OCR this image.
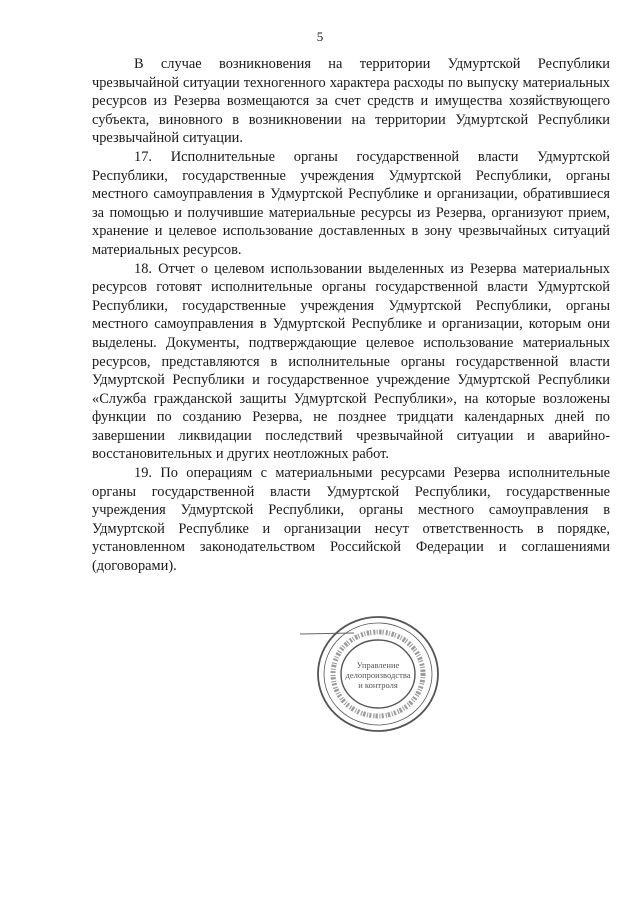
5

В случае возникновения на территории Удмуртской Республики чрезвычайной ситуации техногенного характера расходы по выпуску материальных ресурсов из Резерва возмещаются за счет средств и имущества хозяйствующего субъекта, виновного в возникновении на территории Удмуртской Республики чрезвычайной ситуации.

17. Исполнительные органы государственной власти Удмуртской Республики, государственные учреждения Удмуртской Республики, органы местного самоуправления в Удмуртской Республике и организации, обратившиеся за помощью и получившие материальные ресурсы из Резерва, организуют прием, хранение и целевое использование доставленных в зону чрезвычайных ситуаций материальных ресурсов.

18. Отчет о целевом использовании выделенных из Резерва материальных ресурсов готовят исполнительные органы государственной власти Удмуртской Республики, государственные учреждения Удмуртской Республики, органы местного самоуправления в Удмуртской Республике и организации, которым они выделены. Документы, подтверждающие целевое использование материальных ресурсов, представляются в исполнительные органы государственной власти Удмуртской Республики и государственное учреждение Удмуртской Республики «Служба гражданской защиты Удмуртской Республики», на которые возложены функции по созданию Резерва, не позднее тридцати календарных дней по завершении ликвидации последствий чрезвычайной ситуации и аварийно-восстановительных и других неотложных работ.

19. По операциям с материальными ресурсами Резерва исполнительные органы государственной власти Удмуртской Республики, государственные учреждения Удмуртской Республики, органы местного самоуправления в Удмуртской Республике и организации несут ответственность в порядке, установленном законодательством Российской Федерации и соглашениями (договорами).

Управление
делопроизводства
и контроля
